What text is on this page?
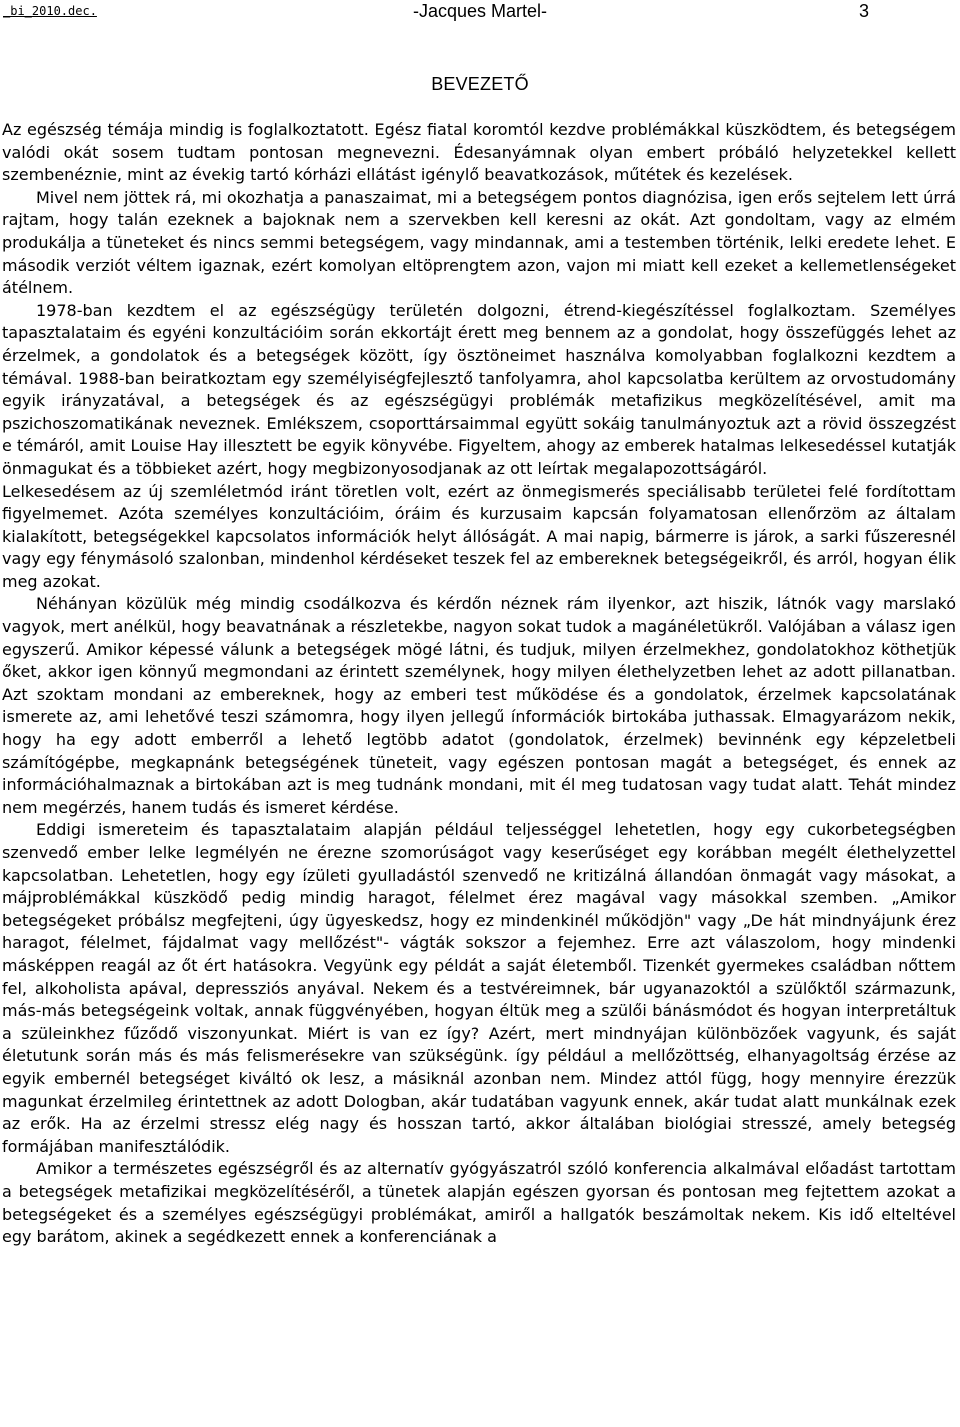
_bi_2010.dec.	-Jacques Martel-	3
BEVEZETŐ

Az egészség témája mindig is foglalkoztatott. Egész fiatal koromtól kezdve problémákkal küszködtem, és betegségem valódi okát sosem tudtam pontosan megnevezni. Édesanyámnak olyan embert próbáló helyzetekkel kellett szembenéznie, mint az évekig tartó kórházi ellátást igénylő beavatkozások, műtétek és kezelések.

Mivel nem jöttek rá, mi okozhatja a panaszaimat, mi a betegségem pontos diagnózisa, igen erős sejtelem lett úrrá rajtam, hogy talán ezeknek a bajoknak nem a szervekben kell keresni az okát. Azt gondoltam, vagy az elmém produkálja a tüneteket és nincs semmi betegségem, vagy mindannak, ami a testemben történik, lelki eredete lehet. E második verziót véltem igaznak, ezért komolyan eltöprengtem azon, vajon mi miatt kell ezeket a kellemetlenségeket átélnem.

1978-ban kezdtem el az egészségügy területén dolgozni, étrend-kiegészítéssel foglalkoztam. Személyes tapasztalataim és egyéni konzultációim során ekkortájt érett meg bennem az a gondolat, hogy összefüggés lehet az érzelmek, a gondolatok és a betegségek között, így ösztöneimet használva komolyabban foglalkozni kezdtem a témával. 1988-ban beiratkoztam egy személyiségfejlesztő tanfolyamra, ahol kapcsolatba kerültem az orvostudomány egyik irányzatával, a betegségek és az egészségügyi problémák metafizikus megközelítésével, amit ma pszichoszomatikának neveznek. Emlékszem, csoporttársaimmal együtt sokáig tanulmányoztuk azt a rövid összegzést e témáról, amit Louise Hay illesztett be egyik könyvébe. Figyeltem, ahogy az emberek hatalmas lelkesedéssel kutatják önmagukat és a többieket azért, hogy megbizonyosodjanak az ott leírtak megalapozottságáról.

Lelkesedésem az új szemléletmód iránt töretlen volt, ezért az önmegismerés speciálisabb területei felé fordítottam figyelmemet. Azóta személyes konzultációim, óráim és kurzusaim kapcsán folyamatosan ellenőrzöm az általam kialakított, betegségekkel kapcsolatos információk helyt állóságát. A mai napig, bármerre is járok, a sarki fűszeresnél vagy egy fénymásoló szalonban, mindenhol kérdéseket teszek fel az embereknek betegségeikről, és arról, hogyan élik meg azokat.

Néhányan közülük még mindig csodálkozva és kérdőn néznek rám ilyenkor, azt hiszik, látnók vagy marslakó vagyok, mert anélkül, hogy beavatnának a részletekbe, nagyon sokat tudok a magánéletükről. Valójában a válasz igen egyszerű. Amikor képessé válunk a betegségek mögé látni, és tudjuk, milyen érzelmekhez, gondolatokhoz köthetjük őket, akkor igen könnyű megmondani az érintett személynek, hogy milyen élethelyzetben lehet az adott pillanatban. Azt szoktam mondani az embereknek, hogy az emberi test működése és a gondolatok, érzelmek kapcsolatának ismerete az, ami lehetővé teszi számomra, hogy ilyen jellegű ínformációk birtokába juthassak. Elmagyarázom nekik, hogy ha egy adott emberről a lehető legtöbb adatot (gondolatok, érzelmek) bevinnénk egy képzeletbeli számítógépbe, megkapnánk betegségének tüneteit, vagy egészen pontosan magát a betegséget, és ennek az információhalmaznak a birtokában azt is meg tudnánk mondani, mit él meg tudatosan vagy tudat alatt. Tehát mindez nem megérzés, hanem tudás és ismeret kérdése.

Eddigi ismereteim és tapasztalataim alapján például teljességgel lehetetlen, hogy egy cukorbetegségben szenvedő ember lelke legmélyén ne érezne szomorúságot vagy keserűséget egy korábban megélt élethelyzettel kapcsolatban. Lehetetlen, hogy egy ízületi gyulladástól szenvedő ne kritizálná állandóan önmagát vagy másokat, a májproblémákkal küszködő pedig mindig haragot, félelmet érez magával vagy másokkal szemben. „Amikor betegségeket próbálsz megfejteni, úgy ügyeskedsz, hogy ez mindenkinél működjön" vagy „De hát mindnyájunk érez haragot, félelmet, fájdalmat vagy mellőzést"- vágták sokszor a fejemhez. Erre azt válaszolom, hogy mindenki másképpen reagál az őt ért hatásokra. Vegyünk egy példát a saját életemből. Tizenkét gyermekes családban nőttem fel, alkoholista apával, depressziós anyával. Nekem és a testvéreimnek, bár ugyanazoktól a szülőktől származunk, más-más betegségeink voltak, annak függvényében, hogyan éltük meg a szülői bánásmódot és hogyan interpretáltuk a szüleinkhez fűződő viszonyunkat. Miért is van ez így? Azért, mert mindnyájan különbözőek vagyunk, és saját életutunk során más és más felismerésekre van szükségünk. így például a mellőzöttség, elhanyagoltság érzése az egyik embernél betegséget kiváltó ok lesz, a másiknál azonban nem. Mindez attól függ, hogy mennyire érezzük magunkat érzelmileg érintettnek az adott Dologban, akár tudatában vagyunk ennek, akár tudat alatt munkálnak ezek az erők. Ha az érzelmi stressz elég nagy és hosszan tartó, akkor általában biológiai stresszé, amely betegség formájában manifesztálódik.

Amikor a természetes egészségről és az alternatív gyógyászatról szóló konferencia alkalmával előadást tartottam a betegségek metafizikai megközelítéséről, a tünetek alapján egészen gyorsan és pontosan meg fejtettem azokat a betegségeket és a személyes egészségügyi problémákat, amiről a hallgatók beszámoltak nekem. Kis idő elteltével egy barátom, akinek a segédkezett ennek a konferenciának a
